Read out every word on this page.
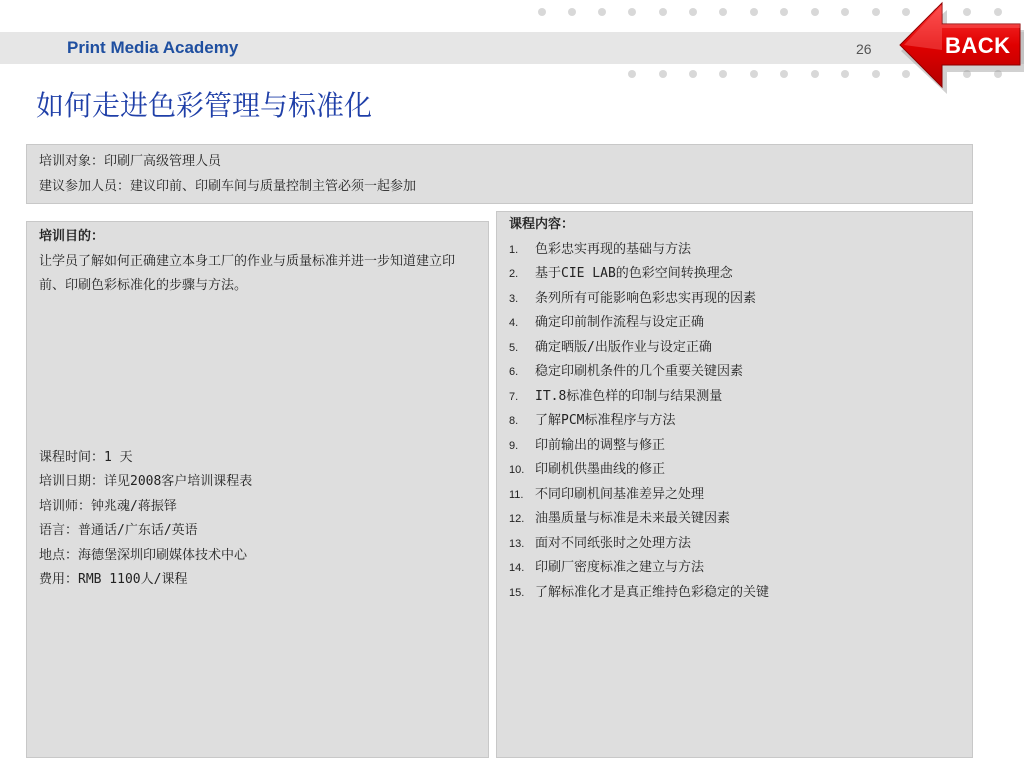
Print Media Academy	26	BACK
如何走进色彩管理与标准化
培训对象：印刷厂高级管理人员
建议参加人员：建议印前、印刷车间与质量控制主管必须一起参加
培训目的：
让学员了解如何正确建立本身工厂的作业与质量标准并进一步知道建立印前、印刷色彩标准化的步骤与方法。
课程时间：1 天
培训日期：详见2008客户培训课程表
培训师：钟兆魂/蒋振铎
语言：普通话/广东话/英语
地点：海德堡深圳印刷媒体技术中心
费用：RMB 1100人/课程
课程内容：
1. 色彩忠实再现的基础与方法
2. 基于CIE LAB的色彩空间转换理念
3. 条列所有可能影响色彩忠实再现的因素
4. 确定印前制作流程与设定正确
5. 确定晒版/出版作业与设定正确
6. 稳定印刷机条件的几个重要关键因素
7. IT.8标准色样的印制与结果测量
8. 了解PCM标准程序与方法
9. 印前输出的调整与修正
10. 印刷机供墨曲线的修正
11. 不同印刷机间基准差异之处理
12. 油墨质量与标准是未来最关键因素
13. 面对不同纸张时之处理方法
14. 印刷厂密度标准之建立与方法
15. 了解标准化才是真正维持色彩稳定的关键
